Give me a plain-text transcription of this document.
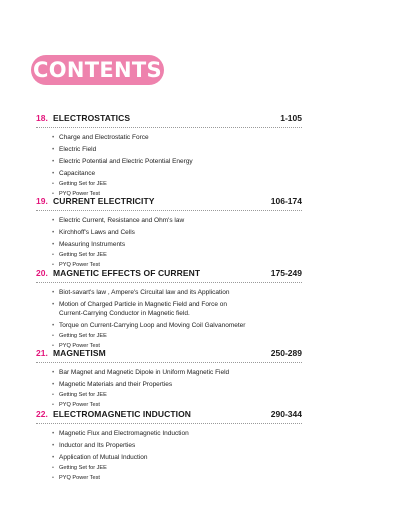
CONTENTS
18. ELECTROSTATICS	1-105
• Charge and Electrostatic Force
• Electric Field
• Electric Potential and Electric Potential Energy
• Capacitance
• Getting Set for JEE
• PYQ Power Test
19. CURRENT ELECTRICITY	106-174
• Electric Current, Resistance and Ohm's law
• Kirchhoff's Laws and Cells
• Measuring Instruments
• Getting Set for JEE
• PYQ Power Test
20. MAGNETIC EFFECTS OF CURRENT	175-249
• Biot-savart's law , Ampere's Circuital law and its Application
• Motion of Charged Particle in Magnetic Field and Force on Current-Carrying Conductor in Magnetic field.
• Torque on Current-Carrying Loop and Moving Coil Galvanometer
• Getting Set for JEE
• PYQ Power Test
21. MAGNETISM	250-289
• Bar Magnet and Magnetic Dipole in Uniform Magnetic Field
• Magnetic Materials and their Properties
• Getting Set for JEE
• PYQ Power Test
22. ELECTROMAGNETIC INDUCTION	290-344
• Magnetic Flux and Electromagnetic Induction
• Inductor and Its Properties
• Application of Mutual Induction
• Getting Set for JEE
• PYQ Power Test
